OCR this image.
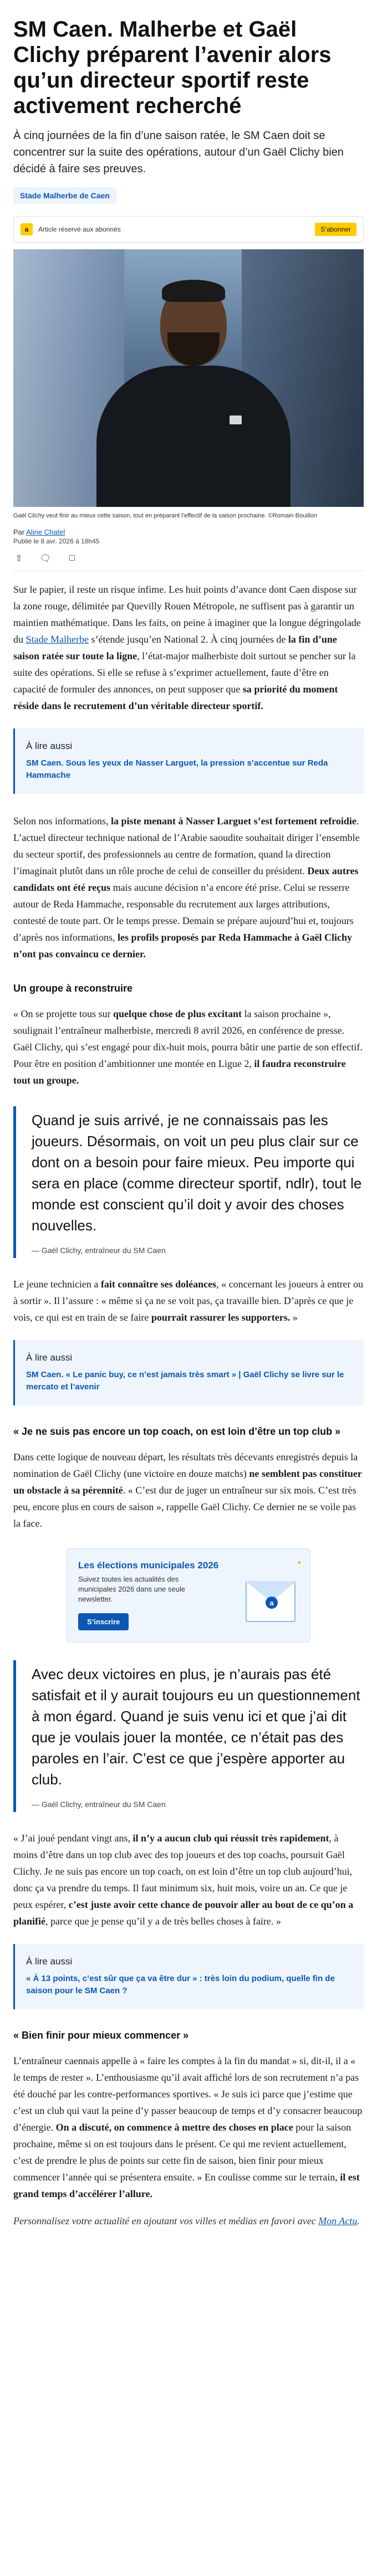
SM Caen. Malherbe et Gaël Clichy préparent l’avenir alors qu’un directeur sportif reste activement recherché

À cinq journées de la fin d’une saison ratée, le SM Caen doit se concentrer sur la suite des opérations, autour d’un Gaël Clichy bien décidé à faire ses preuves.

Stade Malherbe de Caen
a	Article réservé aux abonnés	S’abonner

Gaël Clichy veut finir au mieux cette saison, tout en préparant l’effectif de la saison prochaine. ©Romain Bouillon

Par Aline Chatel
Publié le 8 avr. 2026 à 18h45
⇧ 🗨	□

Sur le papier, il reste un risque infime. Les huit points d’avance dont Caen dispose sur la zone rouge, délimitée par Quevilly Rouen Métropole, ne suffisent pas à garantir un maintien mathématique. Dans les faits, on peine à imaginer que la longue dégringolade du Stade Malherbe s’étende jusqu’en National 2. À cinq journées de la fin d’une saison ratée sur toute la ligne, l’état-major malherbiste doit surtout se pencher sur la suite des opérations. Si elle se refuse à s’exprimer actuellement, faute d’être en capacité de formuler des annonces, on peut supposer que sa priorité du moment réside dans le recrutement d’un véritable directeur sportif.

À lire aussi
SM Caen. Sous les yeux de Nasser Larguet, la pression s’accentue sur Reda Hammache

Selon nos informations, la piste menant à Nasser Larguet s’est fortement refroidie. L’actuel directeur technique national de l’Arabie saoudite souhaitait diriger l’ensemble du secteur sportif, des professionnels au centre de formation, quand la direction l’imaginait plutôt dans un rôle proche de celui de conseiller du président. Deux autres candidats ont été reçus mais aucune décision n’a encore été prise. Celui se resserre autour de Reda Hammache, responsable du recrutement aux larges attributions, contesté de toute part. Or le temps presse. Demain se prépare aujourd’hui et, toujours d’après nos informations, les profils proposés par Reda Hammache à Gaël Clichy n’ont pas convaincu ce dernier.

Un groupe à reconstruire

« On se projette tous sur quelque chose de plus excitant la saison prochaine », soulignait l’entraîneur malherbiste, mercredi 8 avril 2026, en conférence de presse. Gaël Clichy, qui s’est engagé pour dix-huit mois, pourra bâtir une partie de son effectif. Pour être en position d’ambitionner une montée en Ligue 2, il faudra reconstruire tout un groupe.

Quand je suis arrivé, je ne connaissais pas les joueurs. Désormais, on voit un peu plus clair sur ce dont on a besoin pour faire mieux. Peu importe qui sera en place (comme directeur sportif, ndlr), tout le monde est conscient qu’il doit y avoir des choses nouvelles.

— Gaël Clichy, entraîneur du SM Caen

Le jeune technicien a fait connaître ses doléances, « concernant les joueurs à entrer ou à sortir ». Il l’assure : « même si ça ne se voit pas, ça travaille bien. D’après ce que je vois, ce qui est en train de se faire pourrait rassurer les supporters. »

À lire aussi
SM Caen. « Le panic buy, ce n’est jamais très smart » | Gaël Clichy se livre sur le mercato et l’avenir
« Je ne suis pas encore un top coach, on est loin d’être un top club »

Dans cette logique de nouveau départ, les résultats très décevants enregistrés depuis la nomination de Gaël Clichy (une victoire en douze matchs) ne semblent pas constituer un obstacle à sa pérennité. « C’est dur de juger un entraîneur sur six mois. C’est très peu, encore plus en cours de saison », rappelle Gaël Clichy. Ce dernier ne se voile pas la face.

Les élections municipales 2026
Suivez toutes les actualités des municipales 2026 dans une seule newsletter.
S’inscrire
a
✦

Avec deux victoires en plus, je n’aurais pas été satisfait et il y aurait toujours eu un questionnement à mon égard. Quand je suis venu ici et que j’ai dit que je voulais jouer la montée, ce n’était pas des paroles en l’air. C’est ce que j’espère apporter au club.

— Gaël Clichy, entraîneur du SM Caen

« J’ai joué pendant vingt ans, il n’y a aucun club qui réussit très rapidement, à moins d’être dans un top club avec des top joueurs et des top coachs, poursuit Gaël Clichy. Je ne suis pas encore un top coach, on est loin d’être un top club aujourd’hui, donc ça va prendre du temps. Il faut minimum six, huit mois, voire un an. Ce que je peux espérer, c’est juste avoir cette chance de pouvoir aller au bout de ce qu’on a planifié, parce que je pense qu’il y a de très belles choses à faire. »

À lire aussi
« À 13 points, c’est sûr que ça va être dur » : très loin du podium, quelle fin de saison pour le SM Caen ?
« Bien finir pour mieux commencer »

L’entraîneur caennais appelle à « faire les comptes à la fin du mandat » si, dit-il, il a « le temps de rester ». L’enthousiasme qu’il avait affiché lors de son recrutement n’a pas été douché par les contre-performances sportives. « Je suis ici parce que j’estime que c’est un club qui vaut la peine d’y passer beaucoup de temps et d’y consacrer beaucoup d’énergie. On a discuté, on commence à mettre des choses en place pour la saison prochaine, même si on est toujours dans le présent. Ce qui me revient actuellement, c’est de prendre le plus de points sur cette fin de saison, bien finir pour mieux commencer l’année qui se présentera ensuite. » En coulisse comme sur le terrain, il est grand temps d’accélérer l’allure.

Personnalisez votre actualité en ajoutant vos villes et médias en favori avec Mon Actu.
